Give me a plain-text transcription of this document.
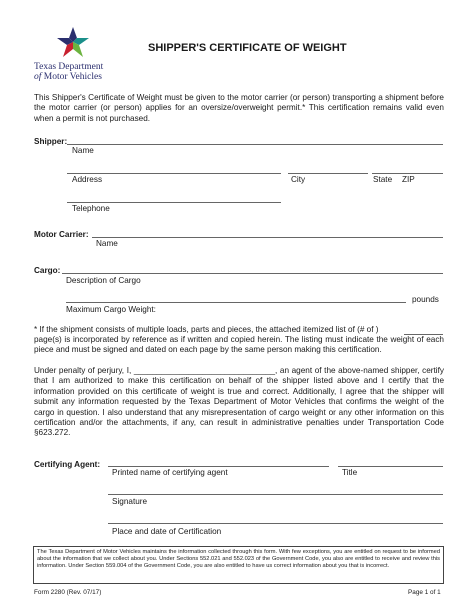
Texas Department
of Motor Vehicles
SHIPPER'S CERTIFICATE OF WEIGHT
This Shipper's Certificate of Weight must be given to the motor carrier (or person) transporting a shipment before the motor carrier (or person) applies for an oversize/overweight permit.* This certification remains valid even when a permit is not purchased.
Shipper:
Name
Address	City	State ZIP
Telephone
Motor Carrier:
Name
Cargo:
Description of Cargo
pounds
Maximum Cargo Weight:
* If the shipment consists of multiple loads, parts and pieces, the attached itemized list of (# of )
page(s) is incorporated by reference as if written and copied herein. The listing must indicate the weight of each piece and must be signed and dated on each page by the same person making this certification.
Under penalty of perjury, I, _______________________________, an agent of the above-named shipper, certify that I am authorized to make this certification on behalf of the shipper listed above and I certify that the information provided on this certificate of weight is true and correct. Additionally, I agree that the shipper will submit any information requested by the Texas Department of Motor Vehicles that confirms the weight of the cargo in question. I also understand that any misrepresentation of cargo weight or any other information on this certification and/or the attachments, if any, can result in administrative penalties under Transportation Code §623.272.
Certifying Agent:
Printed name of certifying agent	Title
Signature
Place and date of Certification
The Texas Department of Motor Vehicles maintains the information collected through this form. With few exceptions, you are entitled on request to be informed about the information that we collect about you. Under Sections 552.021 and 552.023 of the Government Code, you also are entitled to receive and review this information. Under Section 559.004 of the Government Code, you are also entitled to have us correct information about you that is incorrect.
Form 2280 (Rev. 07/17)	Page 1 of 1
